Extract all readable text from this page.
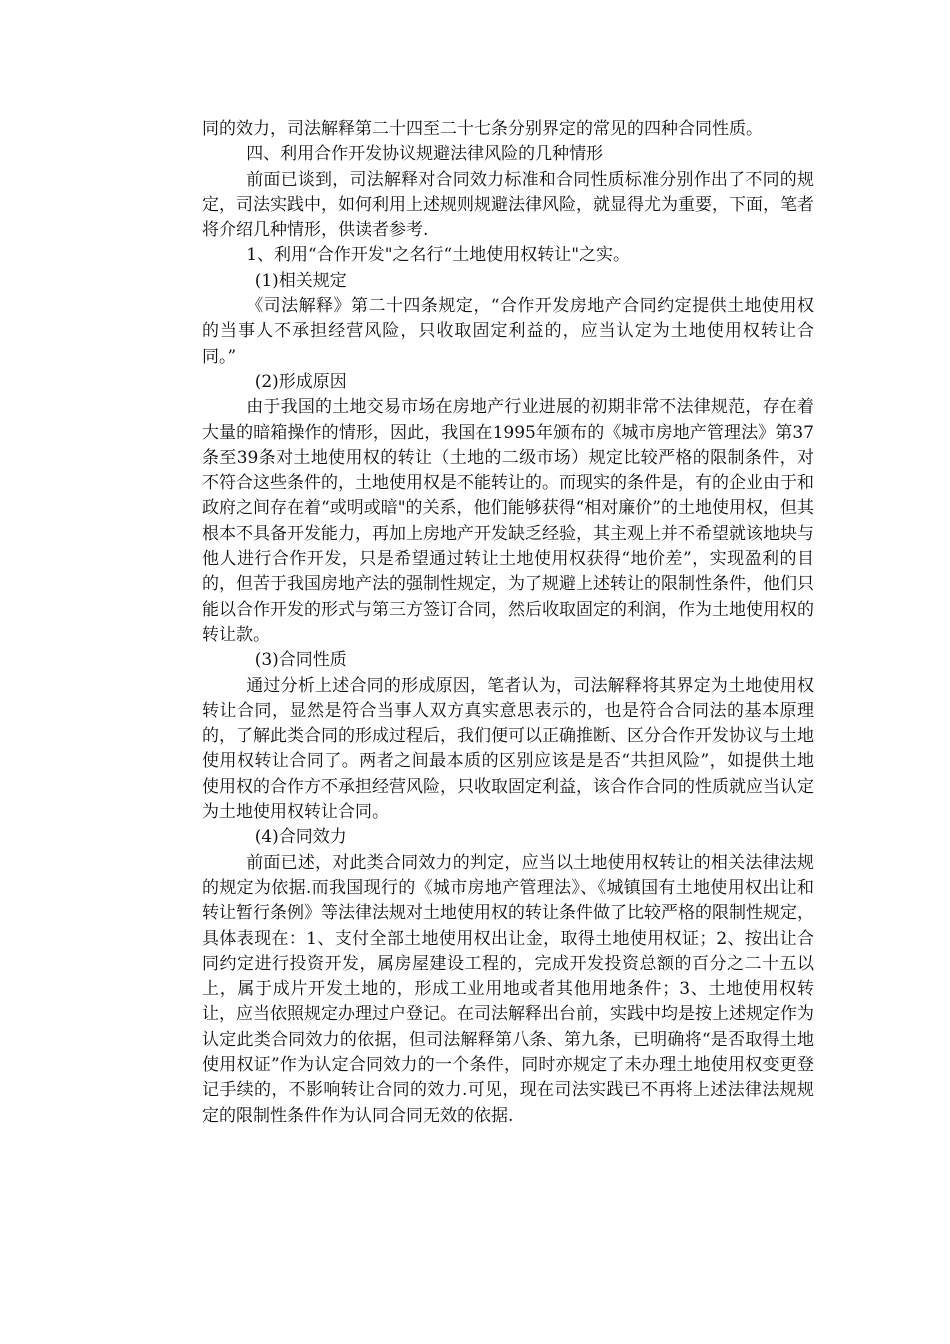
同的效力，司法解释第二十四至二十七条分别界定的常见的四种合同性质。

四、利用合作开发协议规避法律风险的几种情形

前面已谈到，司法解释对合同效力标准和合同性质标准分别作出了不同的规定，司法实践中，如何利用上述规则规避法律风险，就显得尤为重要，下面，笔者将介绍几种情形，供读者参考.

1、利用“合作开发"之名行“土地使用权转让"之实。

(1)相关规定

《司法解释》第二十四条规定，“合作开发房地产合同约定提供土地使用权的当事人不承担经营风险，只收取固定利益的，应当认定为土地使用权转让合同。”

(2)形成原因

由于我国的土地交易市场在房地产行业进展的初期非常不法律规范，存在着大量的暗箱操作的情形，因此，我国在1995年颁布的《城市房地产管理法》第37条至39条对土地使用权的转让（土地的二级市场）规定比较严格的限制条件，对不符合这些条件的，土地使用权是不能转让的。而现实的条件是，有的企业由于和政府之间存在着“或明或暗"的关系，他们能够获得“相对廉价”的土地使用权，但其根本不具备开发能力，再加上房地产开发缺乏经验，其主观上并不希望就该地块与他人进行合作开发，只是希望通过转让土地使用权获得“地价差”，实现盈利的目的，但苦于我国房地产法的强制性规定，为了规避上述转让的限制性条件，他们只能以合作开发的形式与第三方签订合同，然后收取固定的利润，作为土地使用权的转让款。

(3)合同性质

通过分析上述合同的形成原因，笔者认为，司法解释将其界定为土地使用权转让合同，显然是符合当事人双方真实意思表示的，也是符合合同法的基本原理的，了解此类合同的形成过程后，我们便可以正确推断、区分合作开发协议与土地使用权转让合同了。两者之间最本质的区别应该是是否“共担风险”，如提供土地使用权的合作方不承担经营风险，只收取固定利益，该合作合同的性质就应当认定为土地使用权转让合同。

(4)合同效力

前面已述，对此类合同效力的判定，应当以土地使用权转让的相关法律法规的规定为依据.而我国现行的《城市房地产管理法》、《城镇国有土地使用权出让和转让暂行条例》等法律法规对土地使用权的转让条件做了比较严格的限制性规定，具体表现在：1、支付全部土地使用权出让金，取得土地使用权证；2、按出让合同约定进行投资开发，属房屋建设工程的，完成开发投资总额的百分之二十五以上，属于成片开发土地的，形成工业用地或者其他用地条件；3、土地使用权转让，应当依照规定办理过户登记。在司法解释出台前，实践中均是按上述规定作为认定此类合同效力的依据，但司法解释第八条、第九条，已明确将“是否取得土地使用权证”作为认定合同效力的一个条件，同时亦规定了未办理土地使用权变更登记手续的，不影响转让合同的效力.可见，现在司法实践已不再将上述法律法规规定的限制性条件作为认同合同无效的依据.
